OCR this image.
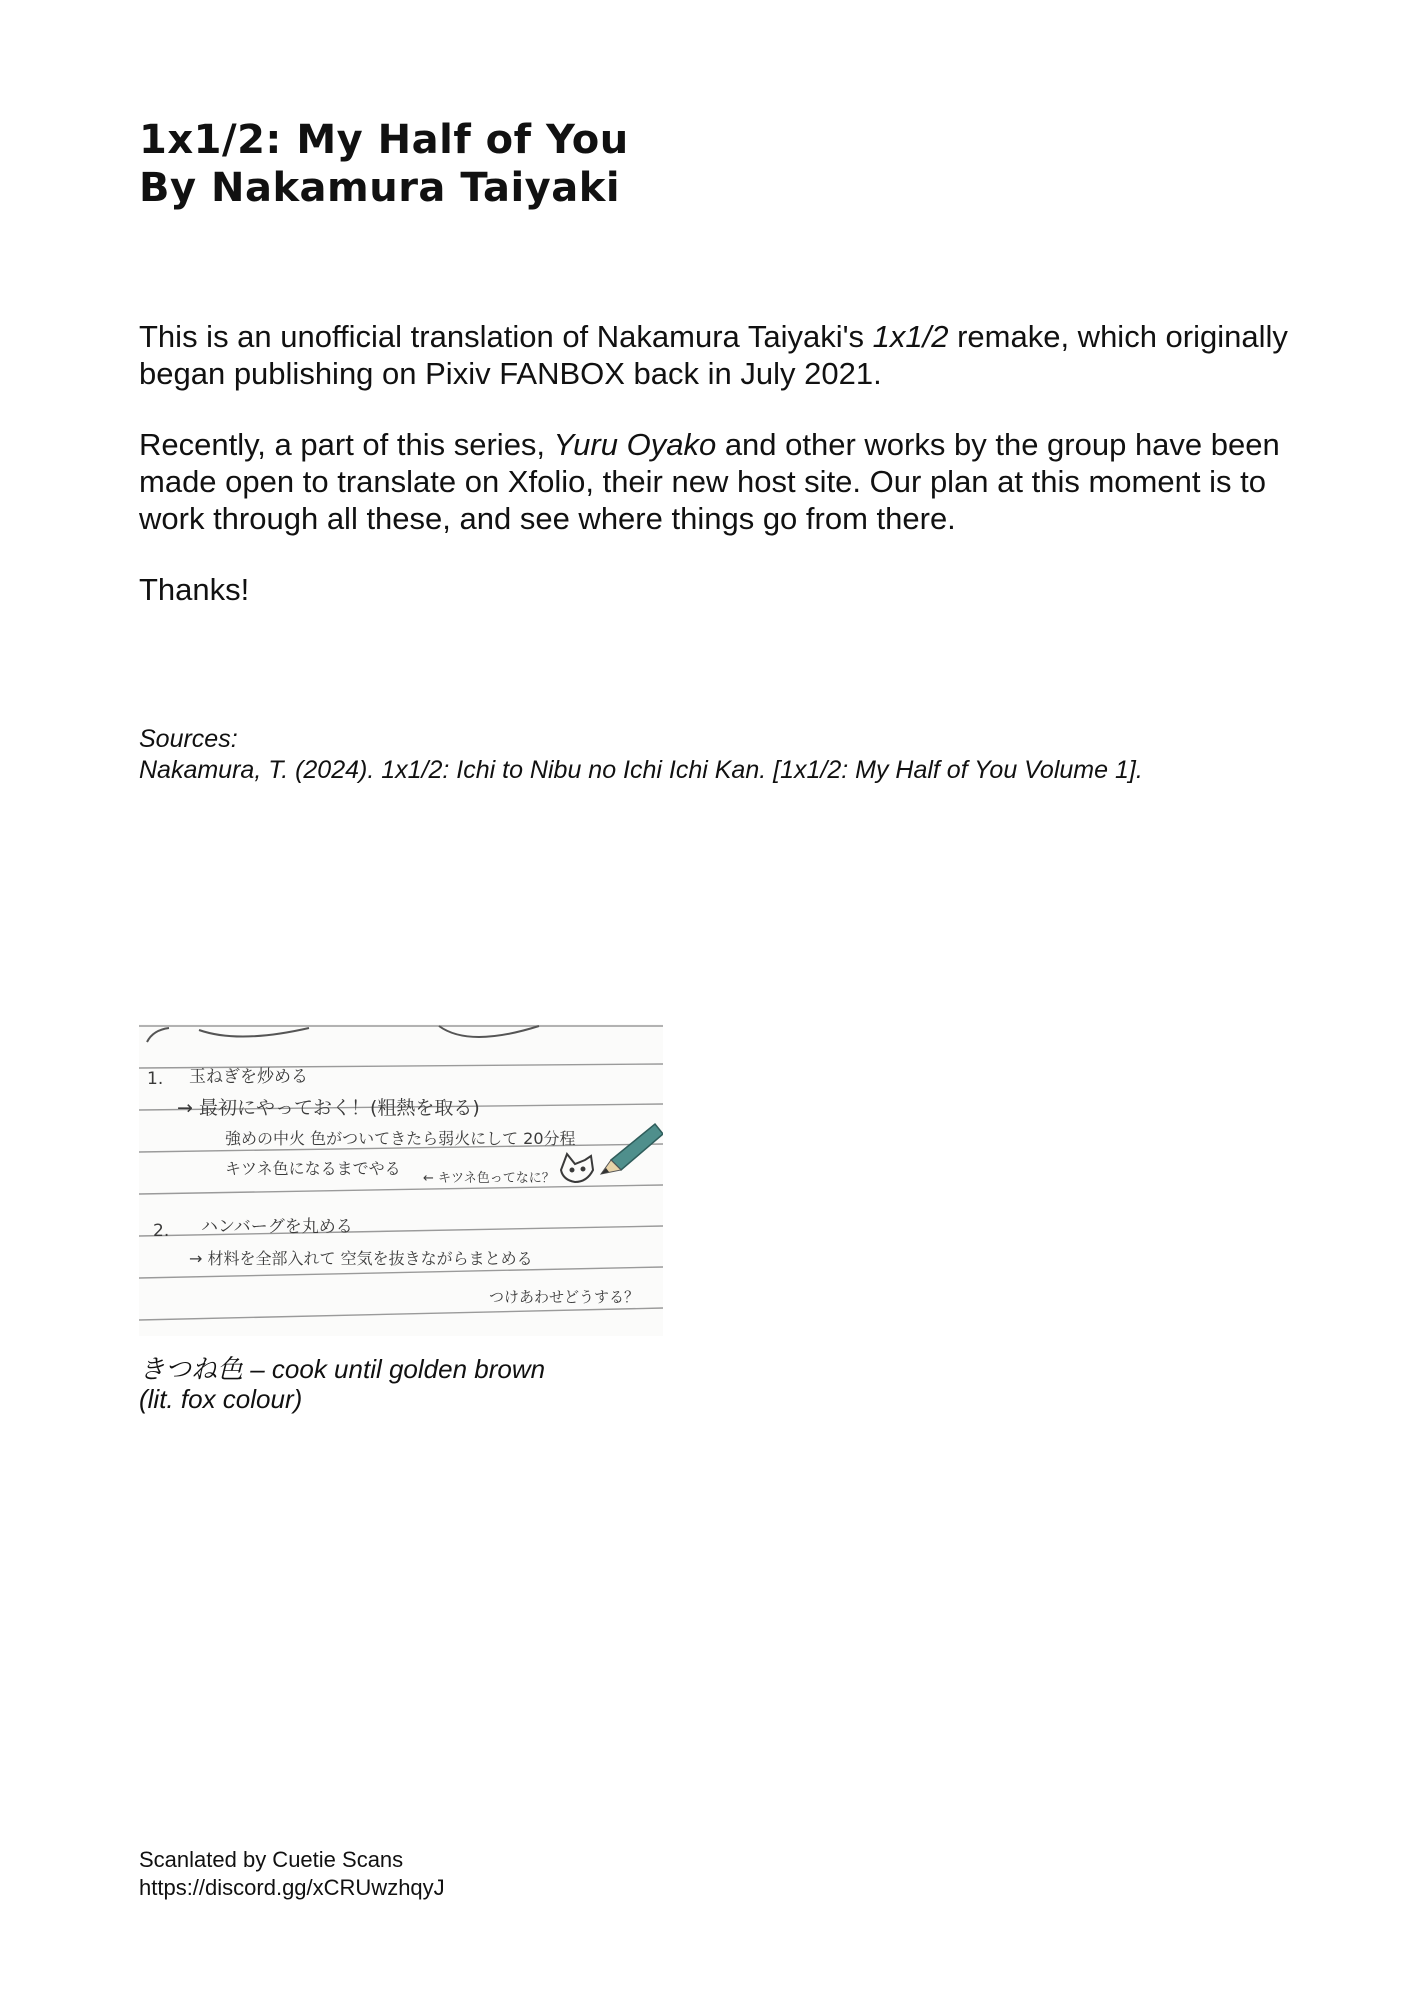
1x1/2: My Half of You
By Nakamura Taiyaki

This is an unofficial translation of Nakamura Taiyaki's 1x1/2 remake, which originally began publishing on Pixiv FANBOX back in July 2021.

Recently, a part of this series, Yuru Oyako and other works by the group have been made open to translate on Xfolio, their new host site. Our plan at this moment is to work through all these, and see where things go from there.

Thanks!

Sources:
Nakamura, T. (2024). 1x1/2: Ichi to Nibu no Ichi Ichi Kan. [1x1/2: My Half of You Volume 1].
1. 玉ねぎを炒める
→ 最初にやっておく！(粗熱を取る)
強めの中火 色がついてきたら弱火にして 20分程
キツネ色になるまでやる
← キツネ色ってなに？
2. ハンバーグを丸める
→ 材料を全部入れて 空気を抜きながらまとめる
つけあわせどうする？
きつね色 – cook until golden brown
(lit. fox colour)
Scanlated by Cuetie Scans
https://discord.gg/xCRUwzhqyJ
